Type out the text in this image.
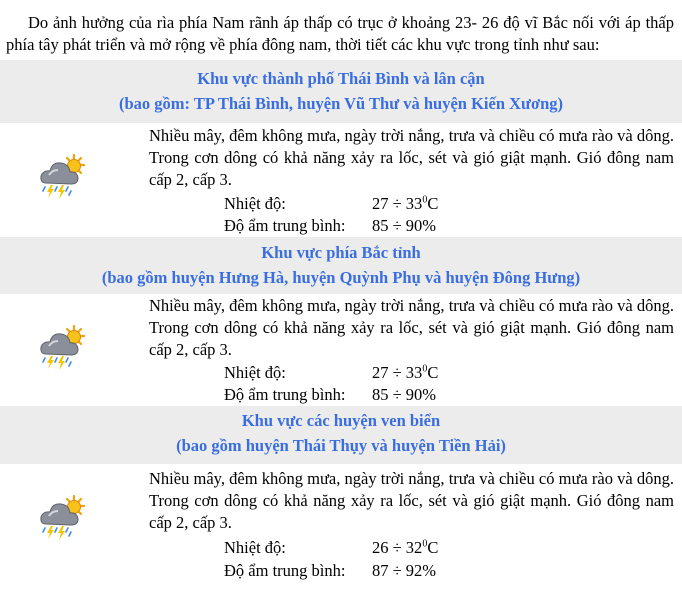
Do ảnh hưởng của rìa phía Nam rãnh áp thấp có trục ở khoảng 23- 26 độ vĩ Bắc nối với áp thấp phía tây phát triển và mở rộng về phía đông nam, thời tiết các khu vực trong tỉnh như sau:
Khu vực thành phố Thái Bình và lân cận
(bao gồm: TP Thái Bình, huyện Vũ Thư và huyện Kiến Xương)
Nhiều mây, đêm không mưa, ngày trời nắng, trưa và chiều có mưa rào và dông. Trong cơn dông có khả năng xảy ra lốc, sét và gió giật mạnh. Gió đông nam cấp 2, cấp 3.
Nhiệt độ:	$27 \div 33^0C$
Độ ẩm trung bình: 85 ÷ 90%
Khu vực phía Bắc tỉnh
(bao gồm huyện Hưng Hà, huyện Quỳnh Phụ và huyện Đông Hưng)
Nhiều mây, đêm không mưa, ngày trời nắng, trưa và chiều có mưa rào và dông. Trong cơn dông có khả năng xảy ra lốc, sét và gió giật mạnh. Gió đông nam cấp 2, cấp 3.
Nhiệt độ:	$27 \div 33^0C$
Độ ẩm trung bình: 85 ÷ 90%
Khu vực các huyện ven biển
(bao gồm huyện Thái Thụy và huyện Tiền Hải)
Nhiều mây, đêm không mưa, ngày trời nắng, trưa và chiều có mưa rào và dông. Trong cơn dông có khả năng xảy ra lốc, sét và gió giật mạnh. Gió đông nam cấp 2, cấp 3.
Nhiệt độ:	$26 \div 32^0C$
Độ ẩm trung bình: 87 ÷ 92%
